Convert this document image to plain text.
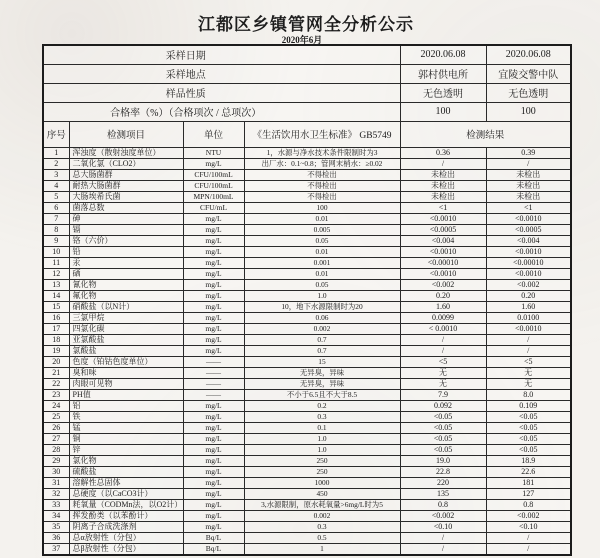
江都区乡镇管网全分析公示
2020年6月
采样日期				2020.06.08	2020.06.08
采样地点				郭村供电所	宜陵交警中队
样品性质				无色透明	无色透明
合格率（%）（合格项次 / 总项次）				100	100
序号	检测项目	单位	《生活饮用水卫生标准》 GB5749	检测结果	
1	浑浊度（散射浊度单位）	NTU	1，水源与净水技术条件限制时为3	0.36	0.39
2	二氧化氯（CLO2）	mg/L	出厂水：0.1~0.8；管网末梢水：≥0.02	/	/
3	总大肠菌群	CFU/100mL	不得检出	未检出	未检出
4	耐热大肠菌群	CFU/100mL	不得检出	未检出	未检出
5	大肠埃希氏菌	MPN/100mL	不得检出	未检出	未检出
6	菌落总数	CFU/mL	100	<1	<1
7	砷	mg/L	0.01	<0.0010	<0.0010
8	镉	mg/L	0.005	<0.0005	<0.0005
9	铬（六价）	mg/L	0.05	<0.004	<0.004
10	铅	mg/L	0.01	<0.0010	<0.0010
11	汞	mg/L	0.001	<0.00010	<0.00010
12	硒	mg/L	0.01	<0.0010	<0.0010
13	氰化物	mg/L	0.05	<0.002	<0.002
14	氟化物	mg/L	1.0	0.20	0.20
15	硝酸盐（以N计）	mg/L	10，地下水源限制时为20	1.60	1.60
16	三氯甲烷	mg/L	0.06	0.0099	0.0100
17	四氯化碳	mg/L	0.002	< 0.0010	<0.0010
18	亚氯酸盐	mg/L	0.7	/	/
19	氯酸盐	mg/L	0.7	/	/
20	色度（铂钴色度单位）	——	15	<5	<5
21	臭和味	——	无异臭，异味	无	无
22	肉眼可见物	——	无异臭，异味	无	无
23	PH值	——	不小于6.5且不大于8.5	7.9	8.0
24	铝	mg/L	0.2	0.092	0.109
25	铁	mg/L	0.3	<0.05	<0.05
26	锰	mg/L	0.1	<0.05	<0.05
27	铜	mg/L	1.0	<0.05	<0.05
28	锌	mg/L	1.0	<0.05	<0.05
29	氯化物	mg/L	250	19.0	18.9
30	硫酸盐	mg/L	250	22.8	22.6
31	溶解性总固体	mg/L	1000	220	181
32	总硬度（以CaCO3计）	mg/L	450	135	127
33	耗氧量（CODMn法，以O2计）	mg/L	3,水源限制，原水耗氧量>6mg/L时为5	0.8	0.8
34	挥发酚类（以苯酚计）	mg/L	0.002	<0.002	<0.002
35	阴离子合成洗涤剂	mg/L	0.3	<0.10	<0.10
36	总α放射性（分包）	Bq/L	0.5	/	/
37	总β放射性（分包）	Bq/L	1	/	/
